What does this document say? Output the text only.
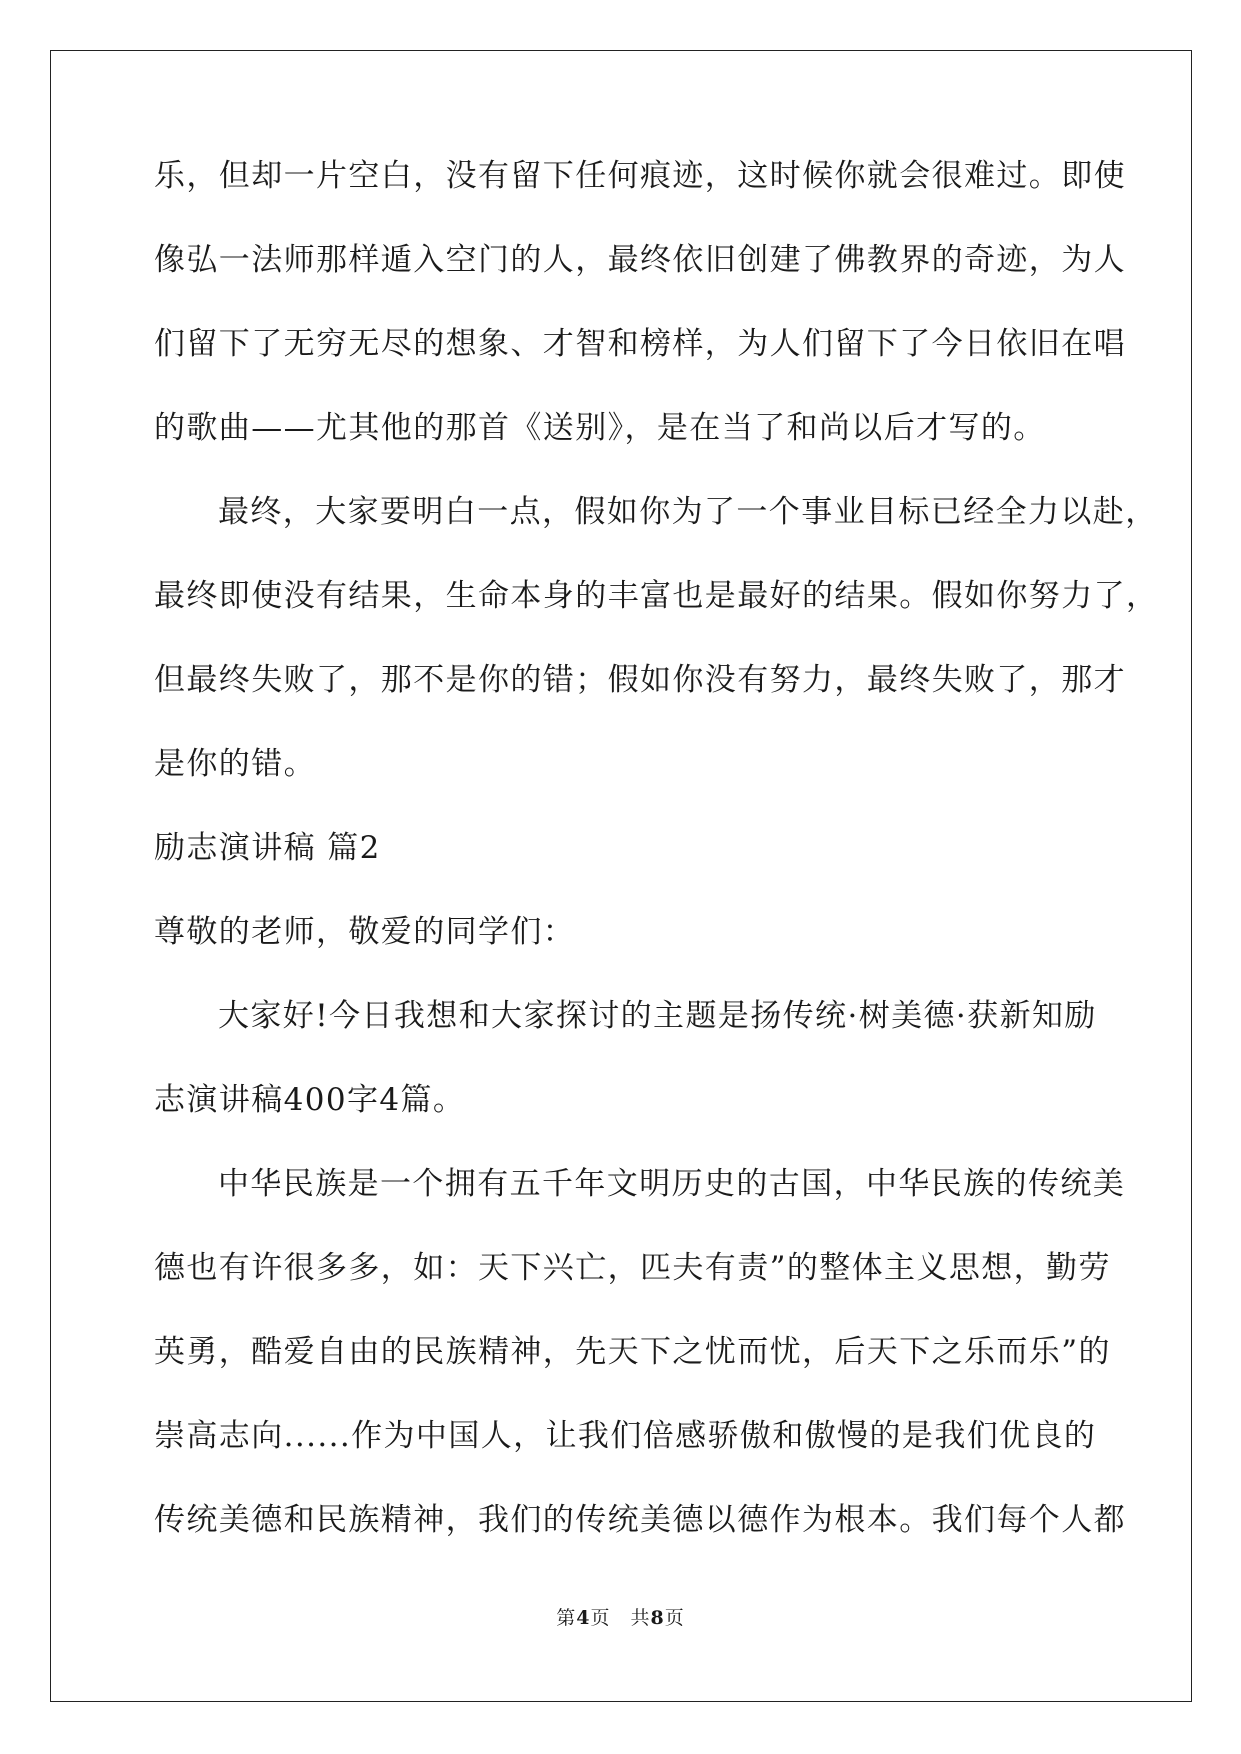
乐，但却一片空白，没有留下任何痕迹，这时候你就会很难过。即使

像弘一法师那样遁入空门的人，最终依旧创建了佛教界的奇迹，为人

们留下了无穷无尽的想象、才智和榜样，为人们留下了今日依旧在唱

的歌曲——尤其他的那首《送别》，是在当了和尚以后才写的。

最终，大家要明白一点，假如你为了一个事业目标已经全力以赴，

最终即使没有结果，生命本身的丰富也是最好的结果。假如你努力了，

但最终失败了，那不是你的错；假如你没有努力，最终失败了，那才

是你的错。

励志演讲稿 篇2

尊敬的老师，敬爱的同学们：

大家好!今日我想和大家探讨的主题是扬传统·树美德·获新知励

志演讲稿400字4篇。

中华民族是一个拥有五千年文明历史的古国，中华民族的传统美

德也有许很多多，如：天下兴亡，匹夫有责”的整体主义思想，勤劳

英勇，酷爱自由的民族精神，先天下之忧而忧，后天下之乐而乐”的

崇高志向......作为中国人，让我们倍感骄傲和傲慢的是我们优良的

传统美德和民族精神，我们的传统美德以德作为根本。我们每个人都

第4页　共8页
